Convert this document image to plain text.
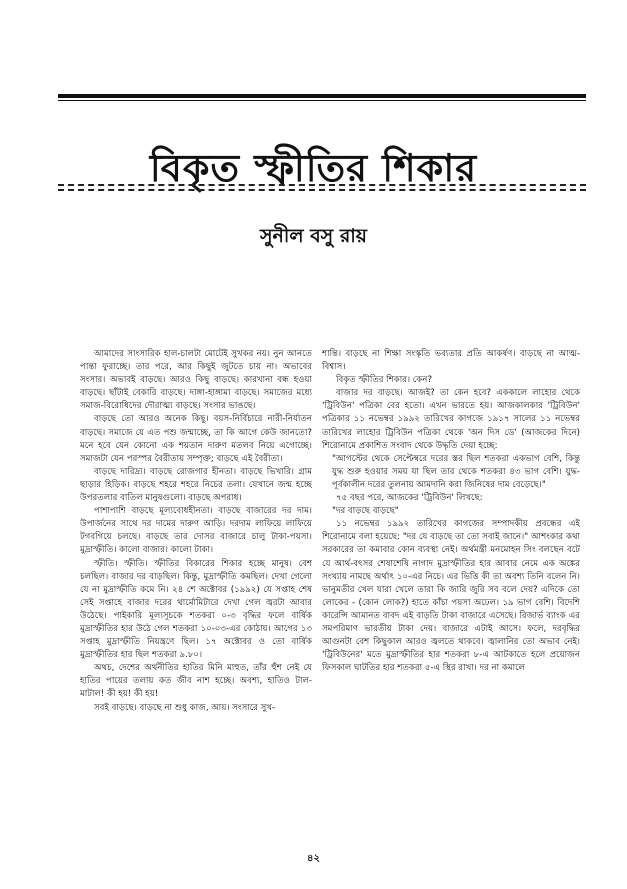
বিকৃত স্ফীতির শিকার
সুনীল বসু রায়

আমাদের সাংসারিক হাল-চালটা মোটেই সুখকর নয়। নুন আনতে পান্তা ফুরাচ্ছে। তার পরে, আর কিছুই জুটতে চায় না। অভাবের সংসার। অভাবই বাড়ছে। আরও কিছু বাড়ছে। কারখানা বন্ধ হওয়া বাড়ছে। ছাঁটাই বেকারি বাড়ছে। দাঙ্গা-হাঙ্গামা বাড়ছে। সমাজের মধ্যে সমাজ-বিরোধিদের দৌরাত্ম্য বাড়ছে। সংসার ভাঙছে।

বাড়ছে তো আরও অনেক কিছু। বয়স-নির্বিচারে নারী-নির্যাতন বাড়ছে। সমাজে যে এত পশু জন্মাচ্ছে, তা কি আগে কেউ জানতো? মনে হবে যেন কোনো এক শয়তান দারুণ মতলব নিয়ে এগোচ্ছে। সমাজটা যেন পরস্পর বৈরীতায় সম্পৃক্ত; বাড়ছে এই বৈরীতা।

বাড়ছে দারিদ্র্য। বাড়ছে রোজগার হীনতা। বাড়ছে ভিখারি। গ্রাম ছাড়ার হিড়িক। বাড়ছে শহরে শহরে নিচের তলা। যেখানে জন্ম হচ্ছে উপরতলার বাতিল মানুষগুলো। বাড়ছে অপরাধ।

পাশাপাশি বাড়ছে মূল্যবোধহীনতা। বাড়ছে বাজারের দর দাম। উপার্জনের সাথে দর দামের দারুণ আড়ি। দরদাম লাফিয়ে লাফিয়ে টগবগিয়ে চলছে। বাড়ছে তার দোসর বাজারে চালু টাকা-পয়সা। মুদ্রাস্ফীতি। কালো বাজার। কালো টাকা।

স্ফীতি। স্ফীতি। স্ফীতির বিকারের শিকার হচ্ছে মানুষ। বেশ চলছিল। বাজার দর বাড়ছিল। কিন্তু, মুদ্রাস্ফীতি কমছিল। দেখা গেলো যে না মুদ্রাস্ফীতি কমে নি। ২৪ শে অক্টোবর (১৯৯২) যে সপ্তাহ শেষ সেই সপ্তাহে বাজার দরের থার্মোমিটারে দেখা গেল জ্বরটা আবার উঠেছে। পাইকারি মূল্যসূচকে শতকরা ০-৩ বৃদ্ধির ফলে বার্ষিক মুদ্রাস্ফীতির হার উঠে গেল শতকরা ১০-০৩-এর কোঠায়। আগের ১৩ সপ্তাহ মুদ্রাস্ফীতি নিয়ন্ত্রণে ছিল। ১৭ অক্টোবর ও তো বার্ষিক মুদ্রাস্ফীতির হার ছিল শতকরা ৯.৮০।

অথচ, দেশের অর্থনীতির হাতির মিনি মাহুত, তাঁর হুঁশ নেই যে হাতির পায়ের তলায় কত জীব নাশ হচ্ছে। অবশ্য, হাতিও টাল-মাটাল! কী হয়! কী হয়!

সবই বাড়ছে। বাড়ছে না শুধু কাজ, আয়। সংসারে সুখ-

শান্তি। বাড়ছে না শিক্ষা সংস্কৃতি ভব্যতার প্রতি আকর্ষণ। বাড়ছে না আত্ম-বিশ্বাস।

বিকৃত স্ফীতির শিকার। কেন?

বাজার দর বাড়ছে। আজই? তা কেন হবে? এককালে লাহোর থেকে 'ট্রিবিউন' পত্রিকা বের হতো। এখন ভারতে হয়। আজকালকার 'ট্রিবিউন' পত্রিকার ১১ নভেম্বর ১৯৯২ তারিখের কাগজে ১৯১৭ সালের ১১ নভেম্বর তারিখের লাহোর ট্রিবিউন পত্রিকা থেকে 'অন দিস ডে' (আজকের দিনে) শিরোনামে প্রকাশিত সংবাদ থেকে উদ্ধৃতি দেয়া হচ্ছে:

"আগস্টের থেকে সেপ্টেম্বরে দরের স্তর ছিল শতকরা একভাগ বেশি, কিন্তু যুদ্ধ শুরু হওয়ার সময় যা ছিল তার থেকে শতকরা ৪৩ ভাগ বেশি। যুদ্ধ-পূর্বকালীন দরের তুলনায় আমদানি করা জিনিষের দাম বেড়েছে।"

৭৫ বছর পরে, আজকের 'ট্রিবিউন' লিখছে:

"দর বাড়ছে বাড়ছে"

১১ নভেম্বর ১৯৯২ তারিখের কাগজের সম্পাদকীয় প্রবন্ধের এই শিরোনামে বলা হয়েছে: "দর যে বাড়ছে তা তো সবাই জানে।" আশংকার কথা সরকারের তা কমাবার কোন ব্যবস্থা নেই। অর্থমন্ত্রী মনমোহন সিং বলছেন বটে যে আর্থ-বৎসর শেষাশেষি নাগাদ মুদ্রাস্ফীতির হার আবার নেমে এক অঙ্কের সংখ্যায় নামছে অর্থাৎ ১০-এর নিচে। এর ভিত্তি কী তা অবশ্য তিনি বলেন নি। ভানুমতীর খেল যারা খেলে তারা কি জারি জুরি সব বলে দেয়? এদিকে তো লোকের - (কোন লোক?) হাতে কাঁচা পয়সা অঢেল। ১৯ ভাগ বেশি। বিদেশি কারেন্সি আমানত বাবদ এই বাড়তি টাকা বাজারে এসেছে। রিজার্ভ ব্যাংক এর সমপরিমাণ ভারতীয় টাকা দেয়। বাজারে এটাই আসে। ফলে, দরবৃদ্ধির আগুনটা বেশ কিছুকাল আরও জ্বলতে থাকবে। জ্বালানির তো অভাব নেই। 'ট্রিবিউনের' মতে মুদ্রাস্ফীতির হার শতকরা ৮-এ আটকাতে হলে প্রয়োজন ফিসকাল ঘাটতির হার শতকরা ৫-এ স্থির রাখা। দর না কমালে

৪২
